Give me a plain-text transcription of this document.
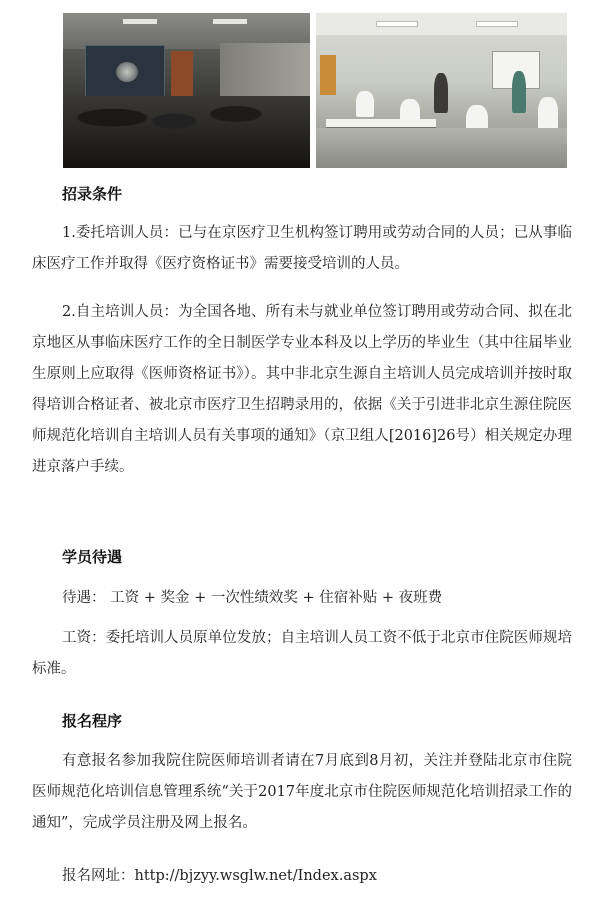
招录条件

1.委托培训人员：已与在京医疗卫生机构签订聘用或劳动合同的人员；已从事临床医疗工作并取得《医疗资格证书》需要接受培训的人员。

2.自主培训人员：为全国各地、所有未与就业单位签订聘用或劳动合同、拟在北京地区从事临床医疗工作的全日制医学专业本科及以上学历的毕业生（其中往届毕业生原则上应取得《医师资格证书》）。其中非北京生源自主培训人员完成培训并按时取得培训合格证者、被北京市医疗卫生招聘录用的，依据《关于引进非北京生源住院医师规范化培训自主培训人员有关事项的通知》（京卫组人[2016]26号）相关规定办理进京落户手续。

学员待遇

待遇： 工资 + 奖金 + 一次性绩效奖 + 住宿补贴 + 夜班费

工资：委托培训人员原单位发放；自主培训人员工资不低于北京市住院医师规培标准。

报名程序

有意报名参加我院住院医师培训者请在7月底到8月初，关注并登陆北京市住院医师规范化培训信息管理系统“关于2017年度北京市住院医师规范化培训招录工作的通知”，完成学员注册及网上报名。

报名网址：http://bjzyy.wsglw.net/Index.aspx
